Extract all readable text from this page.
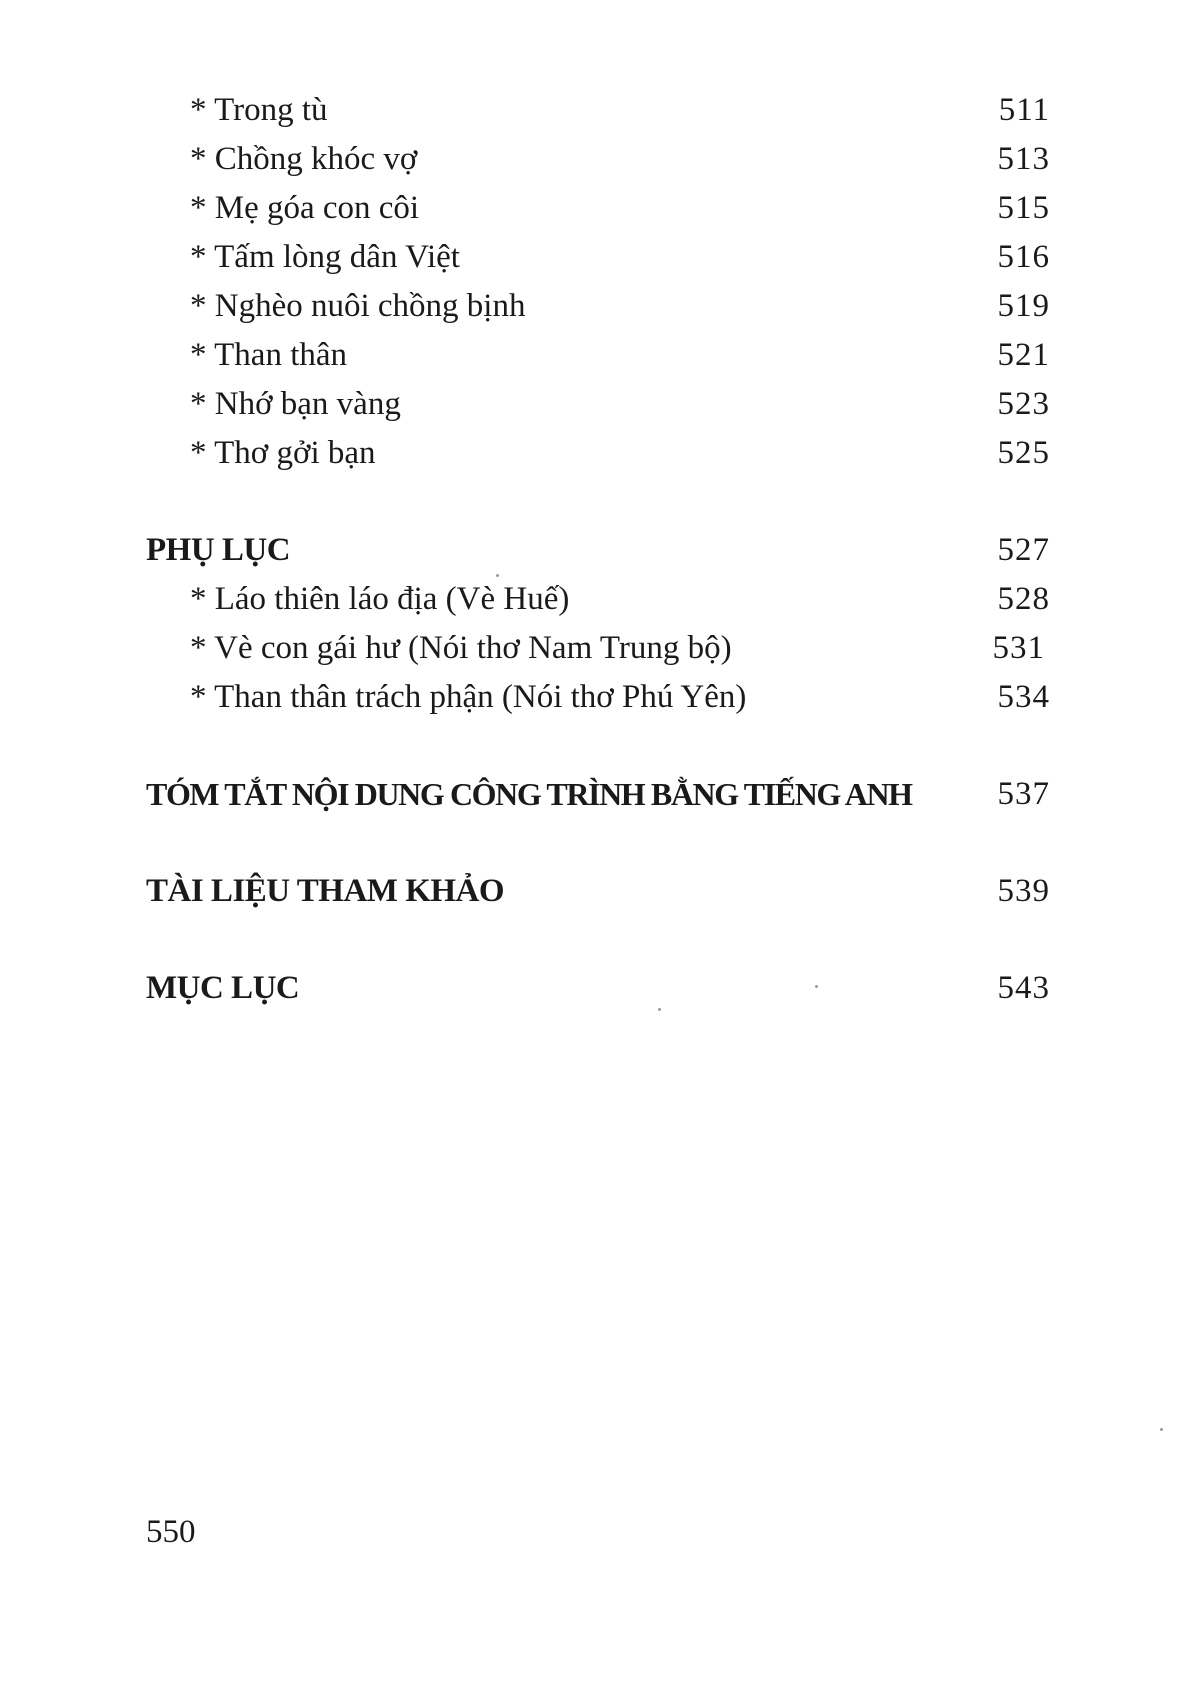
* Trong tù	511
* Chồng khóc vợ	513
* Mẹ góa con côi	515
* Tấm lòng dân Việt	516
* Nghèo nuôi chồng bịnh	519
* Than thân	521
* Nhớ bạn vàng	523
* Thơ gởi bạn	525
PHỤ LỤC	527
* Láo thiên láo địa (Vè Huế)	528
* Vè con gái hư (Nói thơ Nam Trung bộ)	531
* Than thân trách phận (Nói thơ Phú Yên)	534
TÓM TẮT NỘI DUNG CÔNG TRÌNH BẰNG TIẾNG ANH	537
TÀI LIỆU THAM KHẢO	539
MỤC LỤC	543
550
